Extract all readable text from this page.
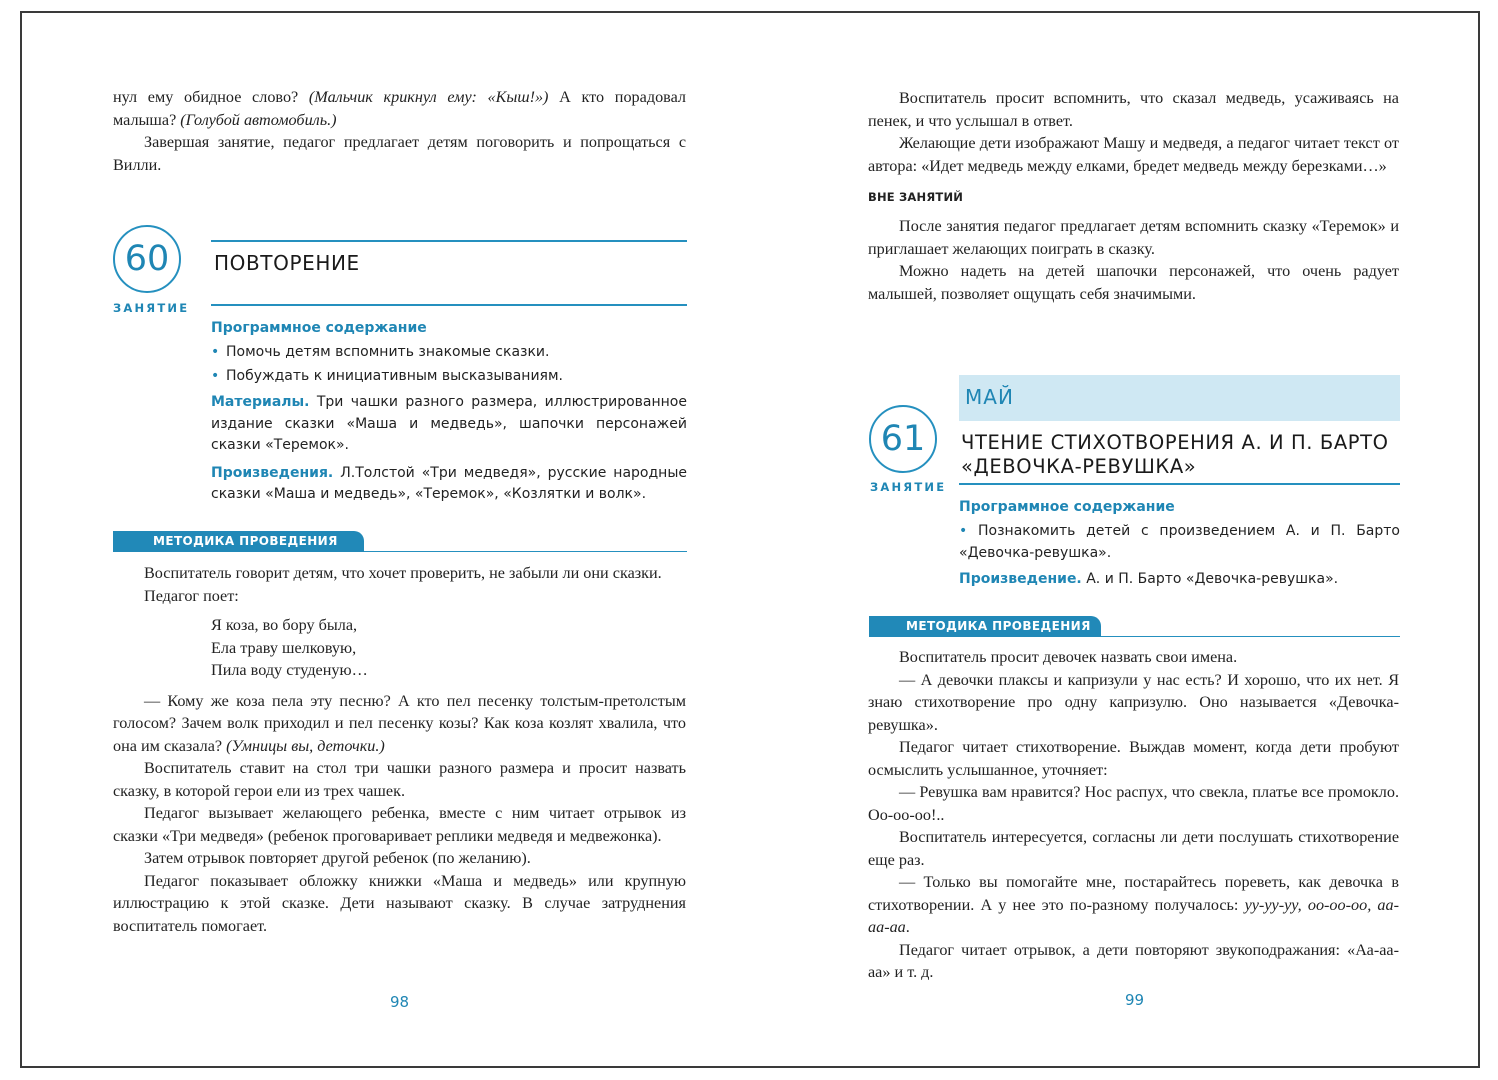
нул ему обидное слово? (Мальчик крикнул ему: «Кыш!») А кто порадовал малыша? (Голубой автомобиль.)

Завершая занятие, педагог предлагает детям поговорить и попрощаться с Вилли.

60
ЗАНЯТИЕ
ПОВТОРЕНИЕ
Программное содержание
• Помочь детям вспомнить знакомые сказки.
• Побуждать к инициативным высказываниям.
Материалы. Три чашки разного размера, иллюстрированное издание сказки «Маша и медведь», шапочки персонажей сказки «Теремок».
Произведения. Л.Толстой «Три медведя», русские народные сказки «Маша и медведь», «Теремок», «Козлятки и волк».
МЕТОДИКА ПРОВЕДЕНИЯ

Воспитатель говорит детям, что хочет проверить, не забыли ли они сказки.

Педагог поет:

Я коза, во бору была,
Ела траву шелковую,
Пила воду студеную…

— Кому же коза пела эту песню? А кто пел песенку толстым-претолстым голосом? Зачем волк приходил и пел песенку козы? Как коза козлят хвалила, что она им сказала? (Умницы вы, деточки.)

Воспитатель ставит на стол три чашки разного размера и просит назвать сказку, в которой герои ели из трех чашек.

Педагог вызывает желающего ребенка, вместе с ним читает отрывок из сказки «Три медведя» (ребенок проговаривает реплики медведя и медвежонка).

Затем отрывок повторяет другой ребенок (по желанию).

Педагог показывает обложку книжки «Маша и медведь» или крупную иллюстрацию к этой сказке. Дети называют сказку. В случае затруднения воспитатель помогает.

98

Воспитатель просит вспомнить, что сказал медведь, усаживаясь на пенек, и что услышал в ответ.

Желающие дети изображают Машу и медведя, а педагог читает текст от автора: «Идет медведь между елками, бредет медведь между березками…»

ВНЕ ЗАНЯТИЙ

После занятия педагог предлагает детям вспомнить сказку «Теремок» и приглашает желающих поиграть в сказку.

Можно надеть на детей шапочки персонажей, что очень радует малышей, позволяет ощущать себя значимыми.

МАЙ
61
ЗАНЯТИЕ
ЧТЕНИЕ СТИХОТВОРЕНИЯ А. И П. БАРТО
«ДЕВОЧКА-РЕВУШКА»
Программное содержание
• Познакомить детей с произведением А. и П. Барто «Девочка-ревушка».
Произведение. А. и П. Барто «Девочка-ревушка».
МЕТОДИКА ПРОВЕДЕНИЯ

Воспитатель просит девочек назвать свои имена.

— А девочки плаксы и капризули у нас есть? И хорошо, что их нет. Я знаю стихотворение про одну капризулю. Оно называется «Девочка-ревушка».

Педагог читает стихотворение. Выждав момент, когда дети пробуют осмыслить услышанное, уточняет:

— Ревушка вам нравится? Нос распух, что свекла, платье все промокло. Оо-оо-оо!..

Воспитатель интересуется, согласны ли дети послушать стихотворение еще раз.

— Только вы помогайте мне, постарайтесь пореветь, как девочка в стихотворении. А у нее это по-разному получалось: уу-уу-уу, оо-оо-оо, аа-аа-аа.

Педагог читает отрывок, а дети повторяют звукоподражания: «Аа-аа-аа» и т. д.

99
